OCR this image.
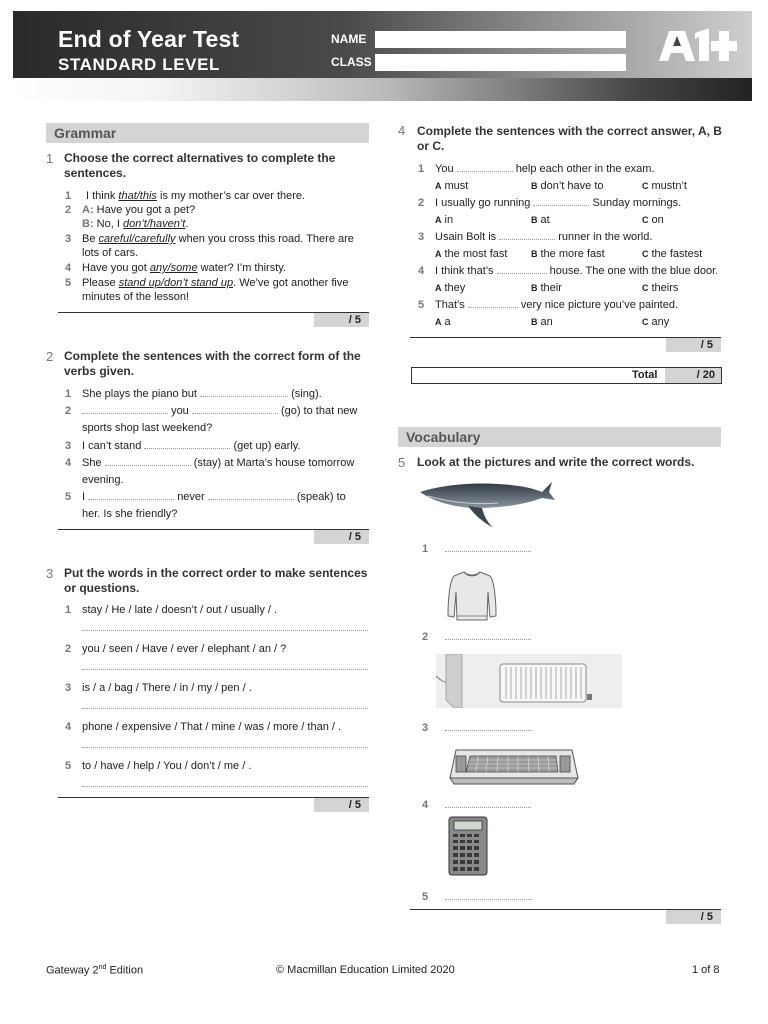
End of Year Test
STANDARD LEVEL
NAME
CLASS
Grammar
1 Choose the correct alternatives to complete the sentences.
1 I think that/this is my mother’s car over there.
2 A: Have you got a pet?
B: No, I don’t/haven’t.
3 Be careful/carefully when you cross this road. There are lots of cars.
4 Have you got any/some water? I’m thirsty.
5 Please stand up/don’t stand up. We’ve got another five minutes of the lesson!
/ 5
2 Complete the sentences with the correct form of the verbs given.
1 She plays the piano but	(sing).
2	you	(go) to that new
sports shop last weekend?
3 I can’t stand	(get up) early.
4 She	(stay) at Marta’s house tomorrow
evening.
5 I	never	(speak) to
her. Is she friendly?
/ 5
3 Put the words in the correct order to make sentences or questions.
1 stay / He / late / doesn’t / out / usually / .
2 you / seen / Have / ever / elephant / an / ?
3 is / a / bag / There / in / my / pen / .
4 phone / expensive / That / mine / was / more / than / .
5 to / have / help / You / don’t / me / .
/ 5
4 Complete the sentences with the correct answer, A, B or C.
1 You	help each other in the exam.
A must	B don’t have to	C mustn’t
2 I usually go running	Sunday mornings.
A in	B at	C on
3 Usain Bolt is	runner in the world.
A the most fast	B the more fast	C the fastest
4 I think that’s	house. The one with the blue door.
A they	B their	C theirs
5 That’s	very nice picture you’ve painted.
A a	B an	C any
/ 5
Total	/ 20
Vocabulary
5 Look at the pictures and write the correct words.
1
2
3
4
5
/ 5
Gateway 2nd Edition	© Macmillan Education Limited 2020	1 of 8
